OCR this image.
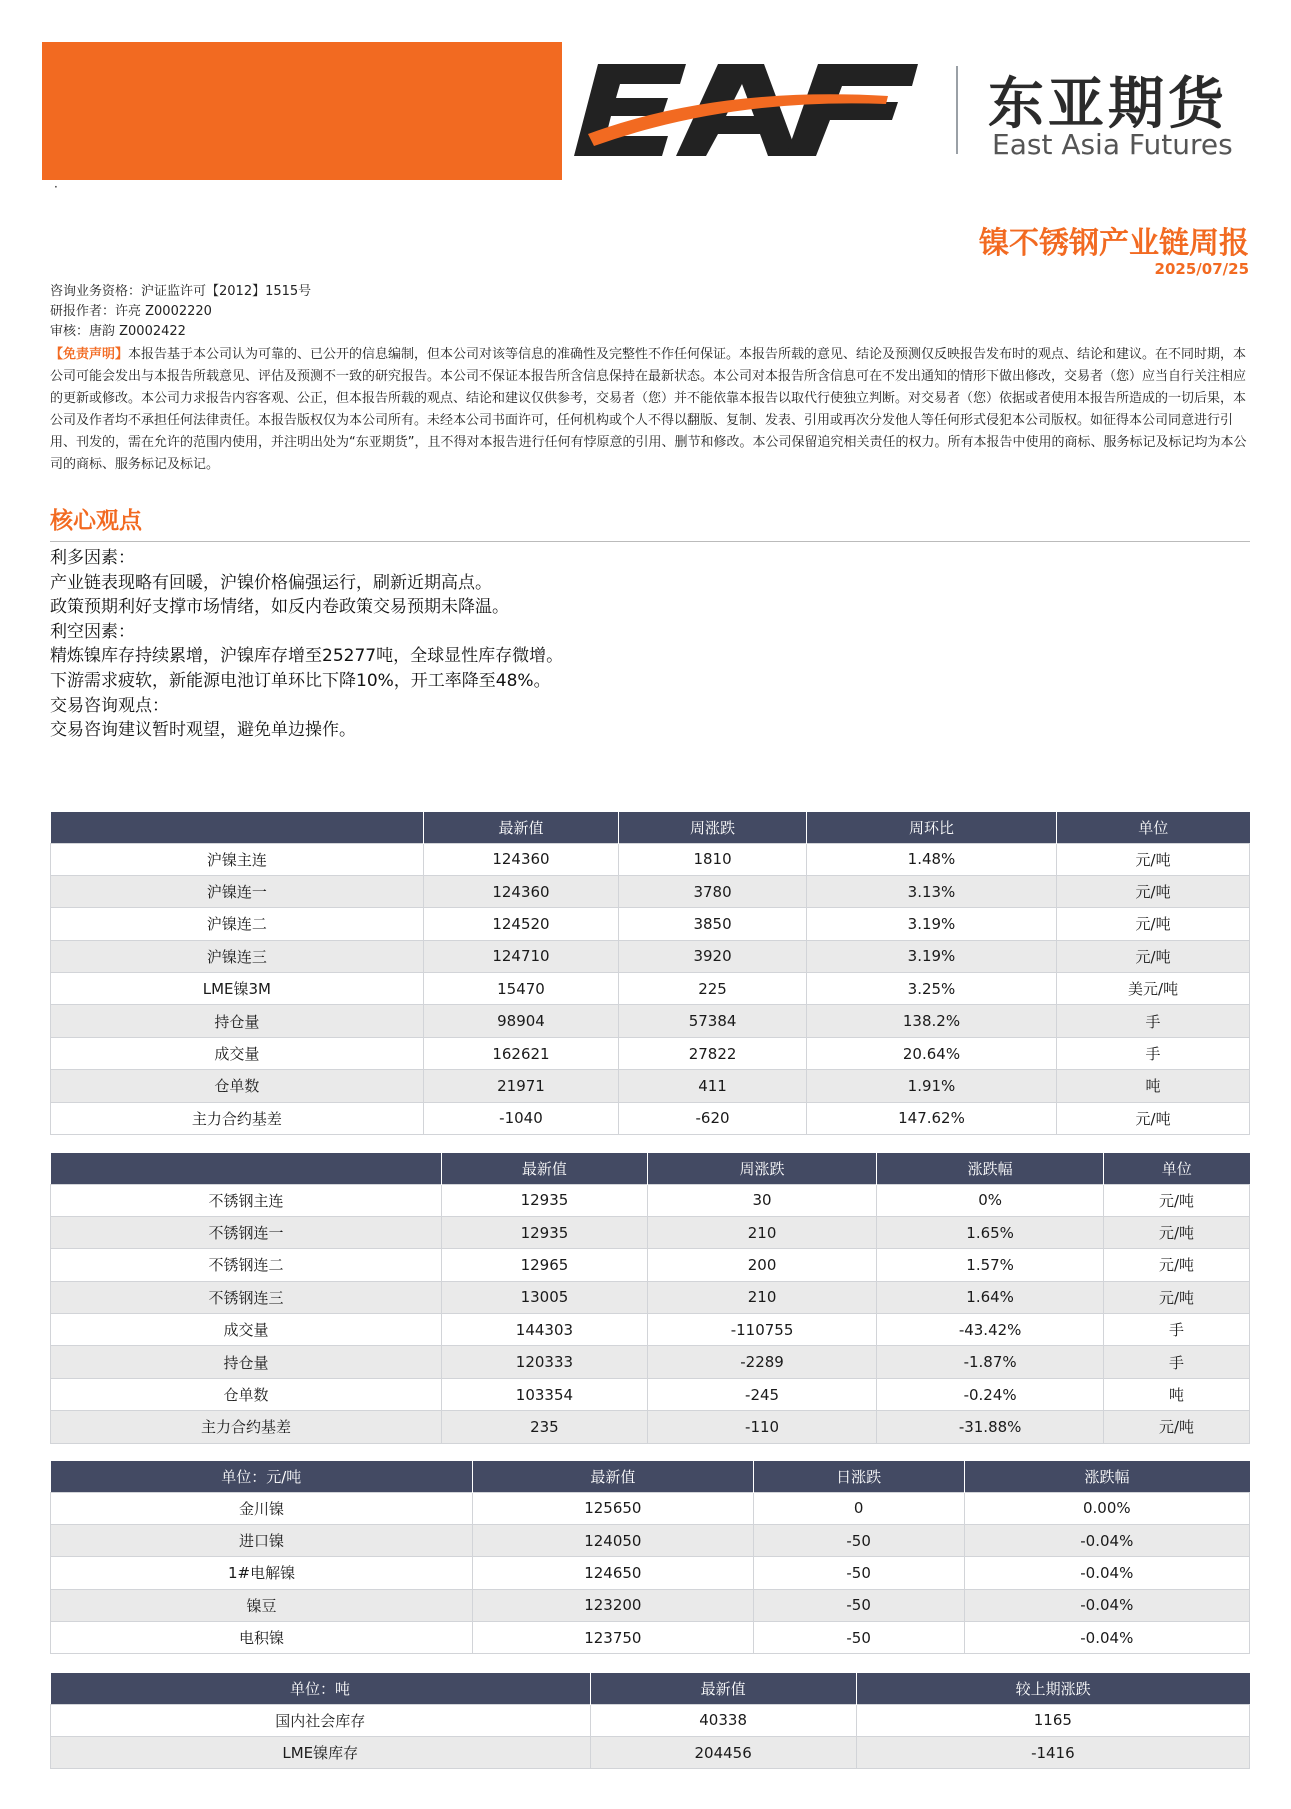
东亚期货
East Asia Futures
·
镍不锈钢产业链周报
2025/07/25
咨询业务资格：沪证监许可【2012】1515号
研报作者：许亮 Z0002220
审核：唐韵 Z0002422
【免责声明】本报告基于本公司认为可靠的、已公开的信息编制，但本公司对该等信息的准确性及完整性不作任何保证。本报告所载的意见、结论及预测仅反映报告发布时的观点、结论和建议。在不同时期，本公司可能会发出与本报告所载意见、评估及预测不一致的研究报告。本公司不保证本报告所含信息保持在最新状态。本公司对本报告所含信息可在不发出通知的情形下做出修改，交易者（您）应当自行关注相应的更新或修改。本公司力求报告内容客观、公正，但本报告所载的观点、结论和建议仅供参考，交易者（您）并不能依靠本报告以取代行使独立判断。对交易者（您）依据或者使用本报告所造成的一切后果，本公司及作者均不承担任何法律责任。本报告版权仅为本公司所有。未经本公司书面许可，任何机构或个人不得以翻版、复制、发表、引用或再次分发他人等任何形式侵犯本公司版权。如征得本公司同意进行引用、刊发的，需在允许的范围内使用，并注明出处为“东亚期货”，且不得对本报告进行任何有悖原意的引用、删节和修改。本公司保留追究相关责任的权力。所有本报告中使用的商标、服务标记及标记均为本公司的商标、服务标记及标记。
核心观点
利多因素：
产业链表现略有回暖，沪镍价格偏强运行，刷新近期高点。
政策预期利好支撑市场情绪，如反内卷政策交易预期未降温。
利空因素：
精炼镍库存持续累增，沪镍库存增至25277吨，全球显性库存微增。
下游需求疲软，新能源电池订单环比下降10%，开工率降至48%。
交易咨询观点：
交易咨询建议暂时观望，避免单边操作。
	最新值	周涨跌	周环比	单位
沪镍主连	124360	1810	1.48%	元/吨
沪镍连一	124360	3780	3.13%	元/吨
沪镍连二	124520	3850	3.19%	元/吨
沪镍连三	124710	3920	3.19%	元/吨
LME镍3M	15470	225	3.25%	美元/吨
持仓量	98904	57384	138.2%	手
成交量	162621	27822	20.64%	手
仓单数	21971	411	1.91%	吨
主力合约基差	-1040	-620	147.62%	元/吨
	最新值	周涨跌	涨跌幅	单位
不锈钢主连	12935	30	0%	元/吨
不锈钢连一	12935	210	1.65%	元/吨
不锈钢连二	12965	200	1.57%	元/吨
不锈钢连三	13005	210	1.64%	元/吨
成交量	144303	-110755	-43.42%	手
持仓量	120333	-2289	-1.87%	手
仓单数	103354	-245	-0.24%	吨
主力合约基差	235	-110	-31.88%	元/吨
单位：元/吨	最新值	日涨跌	涨跌幅
金川镍	125650	0	0.00%
进口镍	124050	-50	-0.04%
1#电解镍	124650	-50	-0.04%
镍豆	123200	-50	-0.04%
电积镍	123750	-50	-0.04%
单位：吨	最新值	较上期涨跌
国内社会库存	40338	1165
LME镍库存	204456	-1416
